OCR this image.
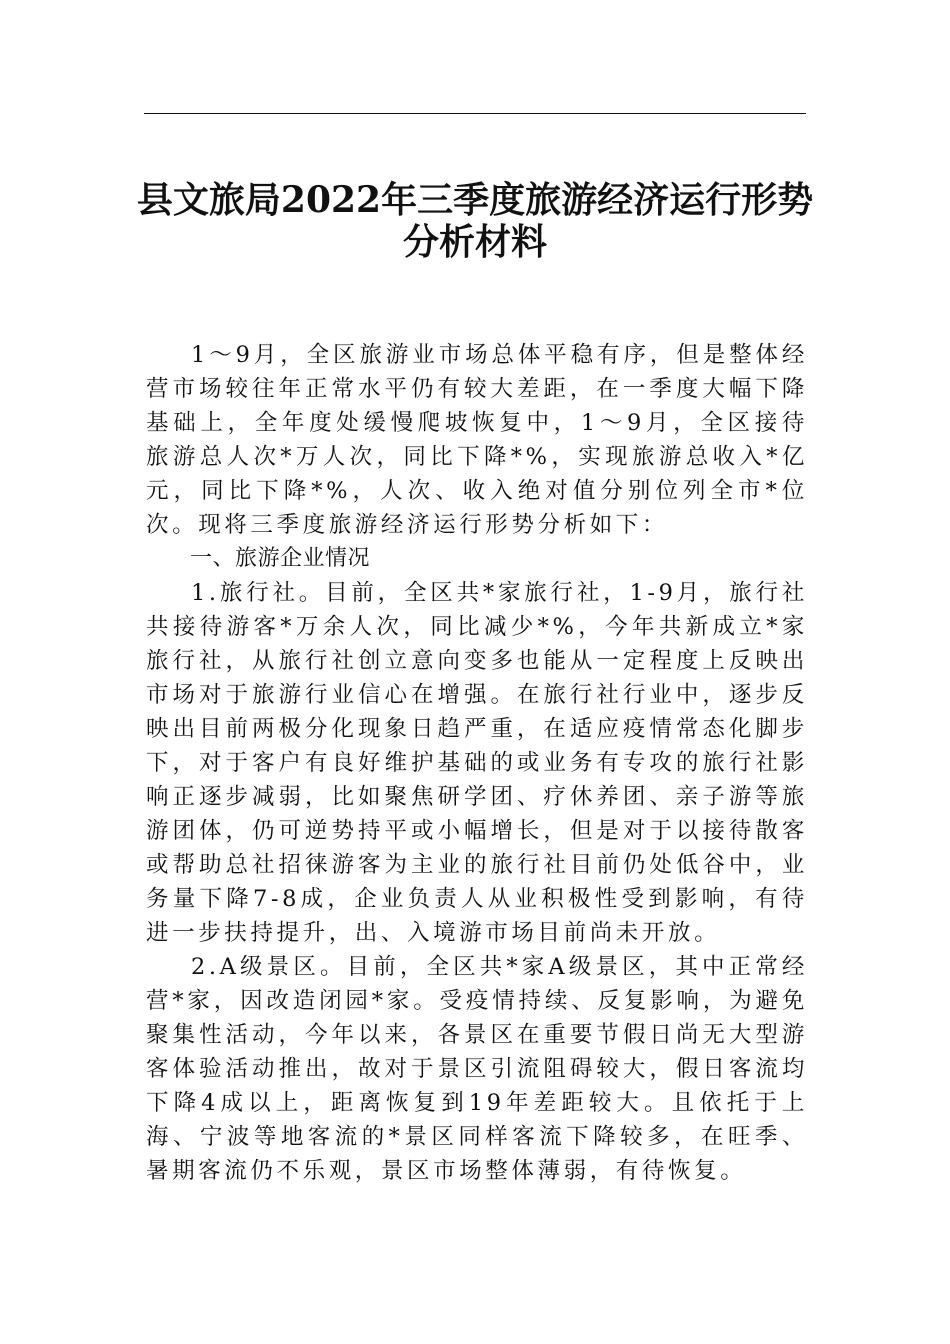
县文旅局2022年三季度旅游经济运行形势
分析材料

1～9月，全区旅游业市场总体平稳有序，但是整体经营市场较往年正常水平仍有较大差距，在一季度大幅下降基础上，全年度处缓慢爬坡恢复中，1～9月，全区接待旅游总人次*万人次，同比下降*%，实现旅游总收入*亿元，同比下降*%，人次、收入绝对值分别位列全市*位次。现将三季度旅游经济运行形势分析如下：

一、旅游企业情况

1.旅行社。目前，全区共*家旅行社，1-9月，旅行社共接待游客*万余人次，同比减少*%，今年共新成立*家旅行社，从旅行社创立意向变多也能从一定程度上反映出市场对于旅游行业信心在增强。在旅行社行业中，逐步反映出目前两极分化现象日趋严重，在适应疫情常态化脚步下，对于客户有良好维护基础的或业务有专攻的旅行社影响正逐步减弱，比如聚焦研学团、疗休养团、亲子游等旅游团体，仍可逆势持平或小幅增长，但是对于以接待散客或帮助总社招徕游客为主业的旅行社目前仍处低谷中，业务量下降7-8成，企业负责人从业积极性受到影响，有待进一步扶持提升，出、入境游市场目前尚未开放。

2.A级景区。目前，全区共*家A级景区，其中正常经营*家，因改造闭园*家。受疫情持续、反复影响，为避免聚集性活动，今年以来，各景区在重要节假日尚无大型游客体验活动推出，故对于景区引流阻碍较大，假日客流均下降4成以上，距离恢复到19年差距较大。且依托于上海、宁波等地客流的*景区同样客流下降较多，在旺季、暑期客流仍不乐观，景区市场整体薄弱，有待恢复。
